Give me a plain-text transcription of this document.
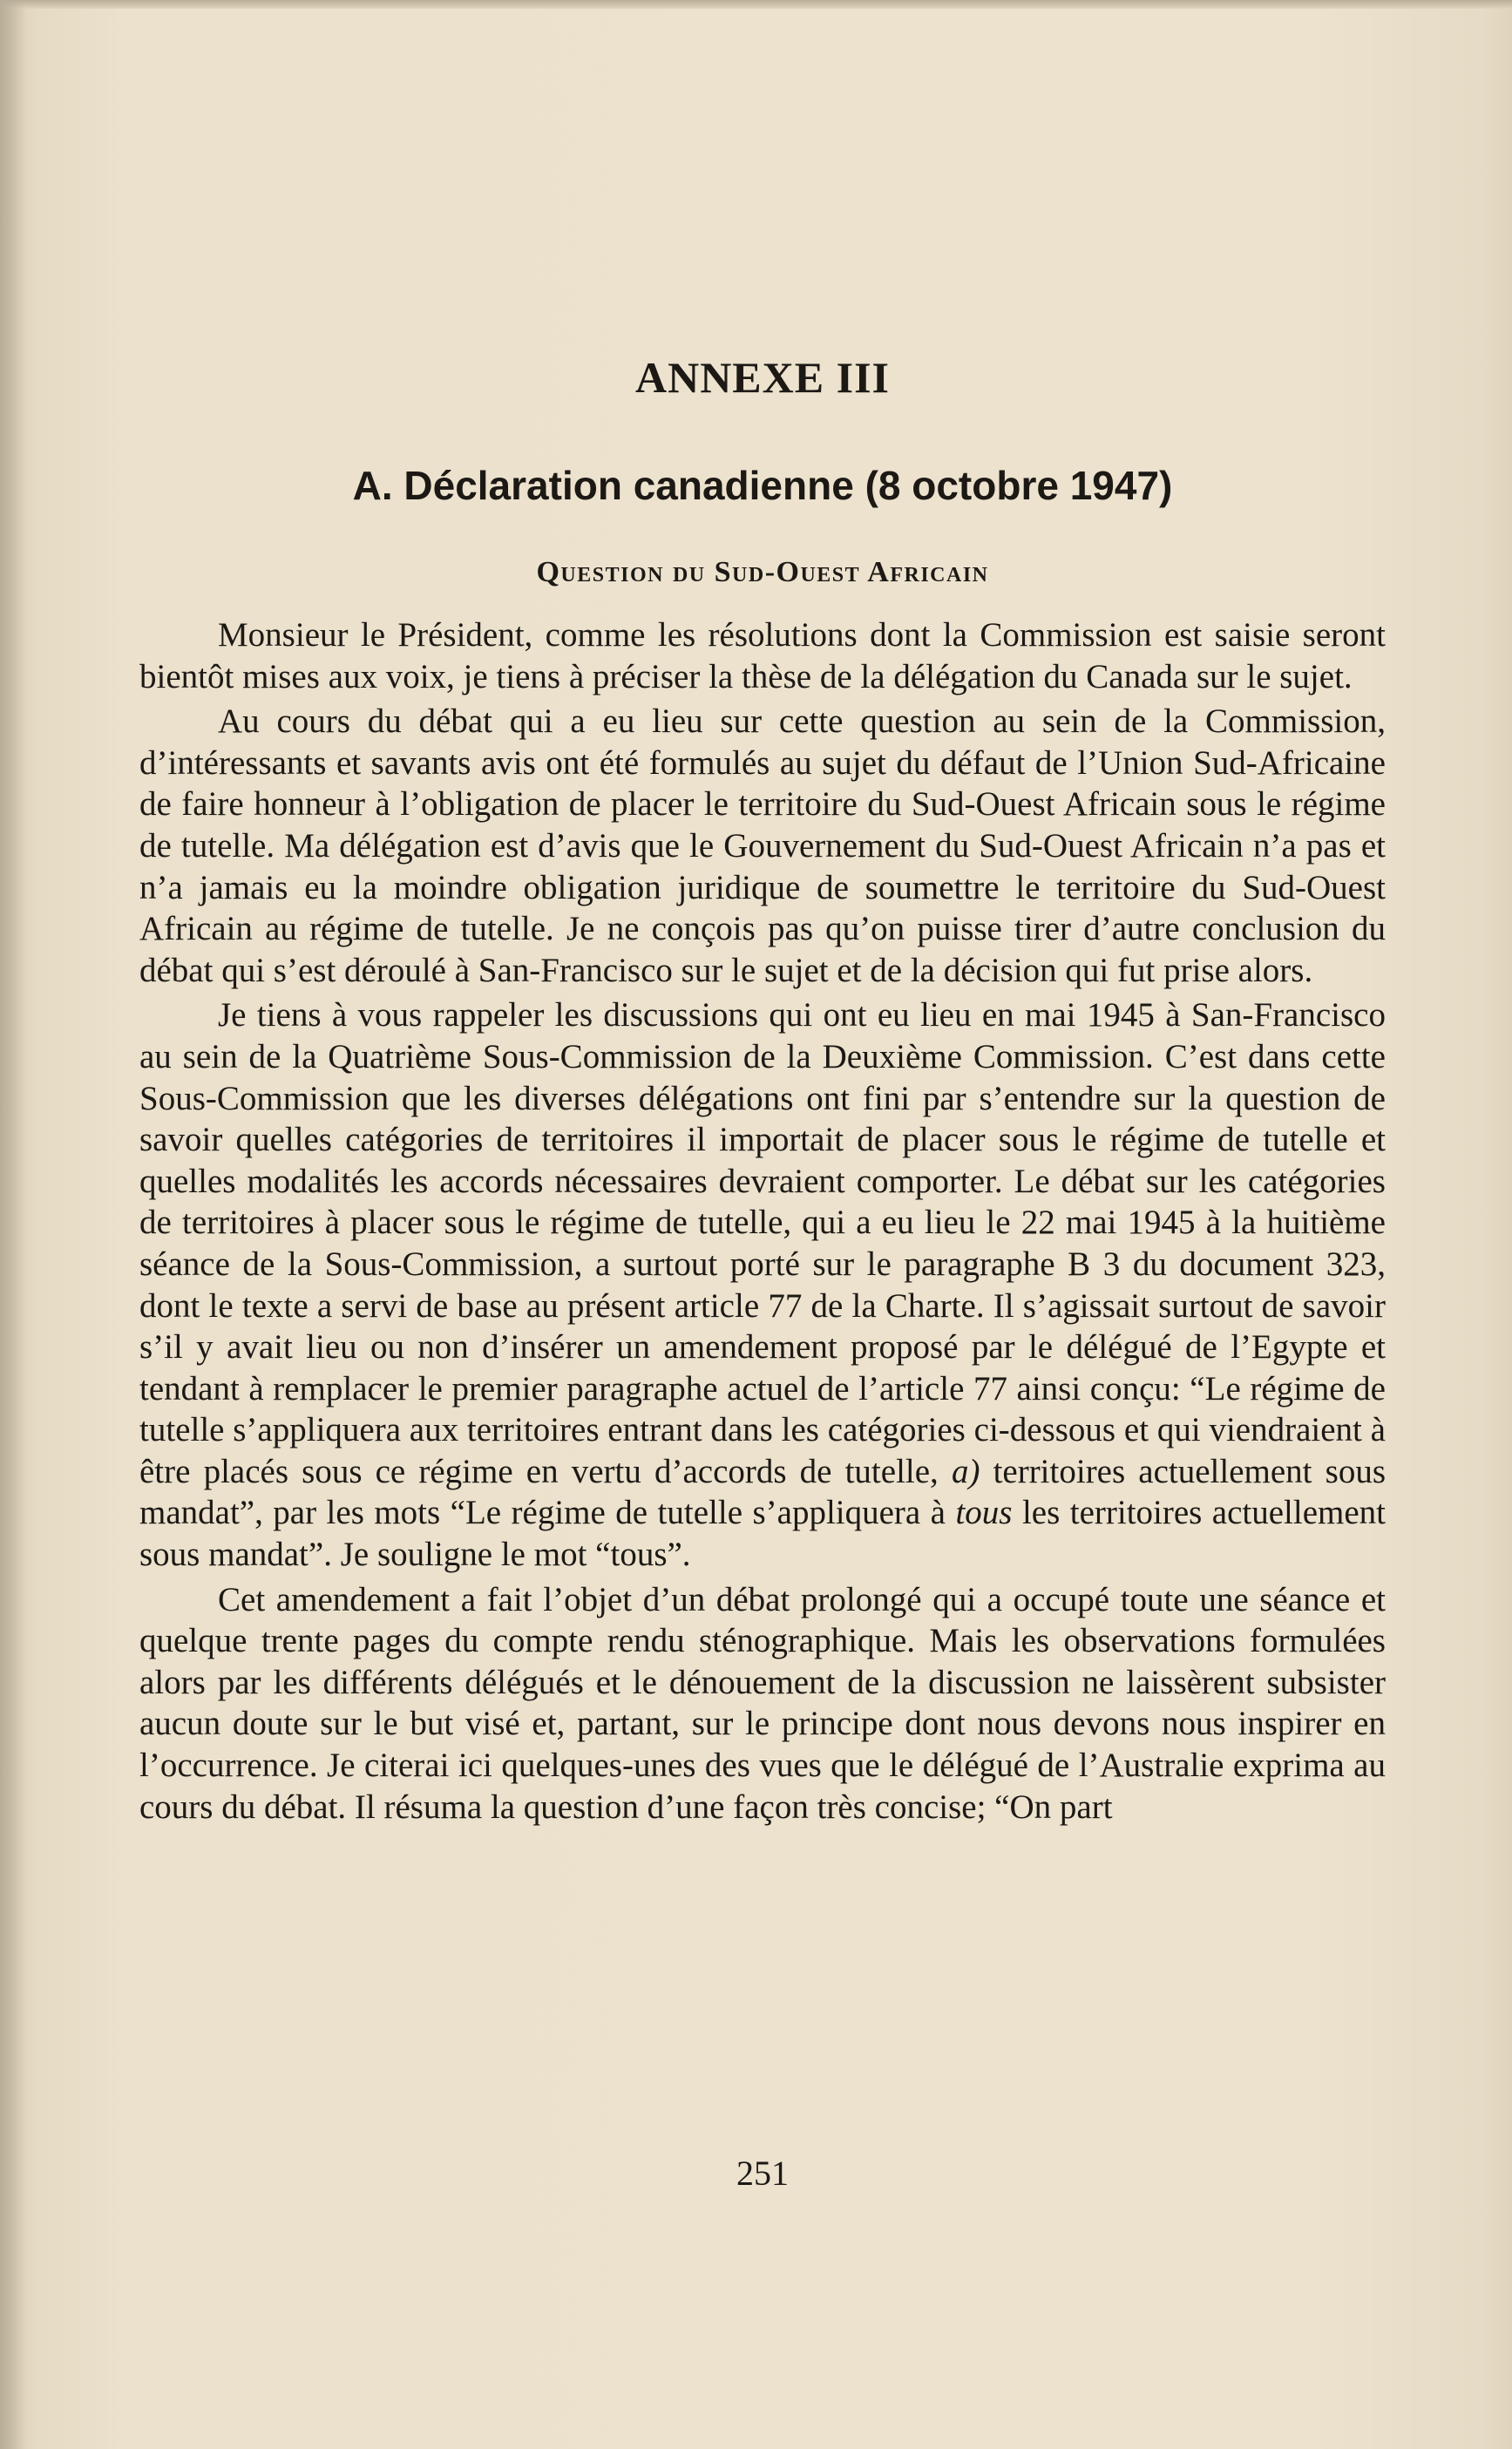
ANNEXE III
A. Déclaration canadienne (8 octobre 1947)
Question du Sud-Ouest Africain

Monsieur le Président, comme les résolutions dont la Commission est saisie seront bientôt mises aux voix, je tiens à préciser la thèse de la délégation du Canada sur le sujet.

Au cours du débat qui a eu lieu sur cette question au sein de la Commission, d’intéressants et savants avis ont été formulés au sujet du défaut de l’Union Sud-Africaine de faire honneur à l’obligation de placer le territoire du Sud-Ouest Africain sous le régime de tutelle. Ma délégation est d’avis que le Gouvernement du Sud-Ouest Africain n’a pas et n’a jamais eu la moindre obligation juridique de soumettre le territoire du Sud-Ouest Africain au régime de tutelle. Je ne conçois pas qu’on puisse tirer d’autre conclusion du débat qui s’est déroulé à San-Francisco sur le sujet et de la décision qui fut prise alors.

Je tiens à vous rappeler les discussions qui ont eu lieu en mai 1945 à San-Francisco au sein de la Quatrième Sous-Commission de la Deuxième Commission. C’est dans cette Sous-Commission que les diverses délégations ont fini par s’entendre sur la question de savoir quelles catégories de territoires il importait de placer sous le régime de tutelle et quelles modalités les accords nécessaires devraient comporter. Le débat sur les catégories de territoires à placer sous le régime de tutelle, qui a eu lieu le 22 mai 1945 à la huitième séance de la Sous-Commission, a surtout porté sur le paragraphe B 3 du document 323, dont le texte a servi de base au présent article 77 de la Charte. Il s’agissait surtout de savoir s’il y avait lieu ou non d’insérer un amendement proposé par le délégué de l’Egypte et tendant à remplacer le premier paragraphe actuel de l’article 77 ainsi conçu: “Le régime de tutelle s’appliquera aux territoires entrant dans les catégories ci-dessous et qui viendraient à être placés sous ce régime en vertu d’accords de tutelle, a) territoires actuellement sous mandat”, par les mots “Le régime de tutelle s’appliquera à tous les territoires actuellement sous mandat”. Je souligne le mot “tous”.

Cet amendement a fait l’objet d’un débat prolongé qui a occupé toute une séance et quelque trente pages du compte rendu sténographique. Mais les observations formulées alors par les différents délégués et le dénouement de la discussion ne laissèrent subsister aucun doute sur le but visé et, partant, sur le principe dont nous devons nous inspirer en l’occurrence. Je citerai ici quelques-unes des vues que le délégué de l’Australie exprima au cours du débat. Il résuma la question d’une façon très concise; “On part

251
